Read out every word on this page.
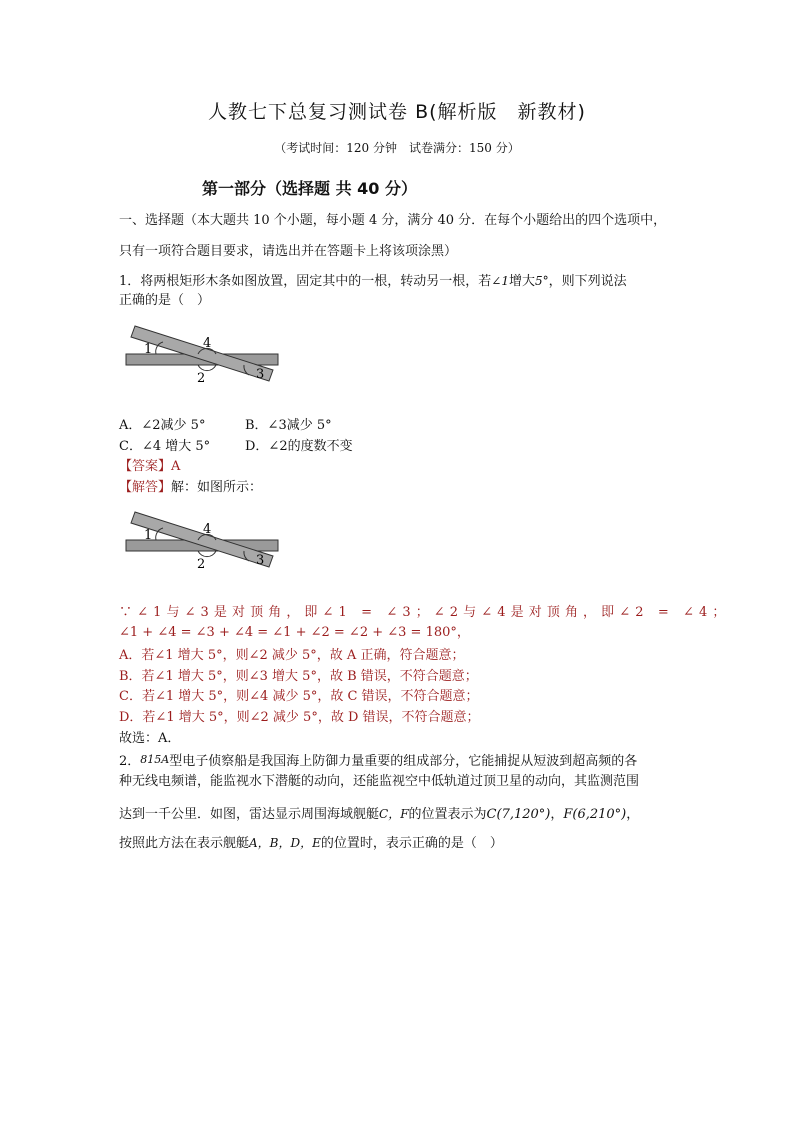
人教七下总复习测试卷 B(解析版　新教材)
（考试时间：120 分钟　试卷满分：150 分）
第一部分（选择题 共 40 分）
一、选择题（本大题共 10 个小题，每小题 4 分，满分 40 分．在每个小题给出的四个选项中，
只有一项符合题目要求，请选出并在答题卡上将该项涂黑）
1．将两根矩形木条如图放置，固定其中的一根，转动另一根，若∠1增大5°，则下列说法
正确的是（　）
1	4
2	3
A．∠2减少 5°	B．∠3减少 5°
C．∠4 增大 5°	D．∠2的度数不变
【答案】A
【解答】解：如图所示：
1	4
2	3
∵∠1与∠3是对顶角，即∠1 = ∠3；∠2与∠4是对顶角，即∠2 = ∠4；
∠1 + ∠4 = ∠3 + ∠4 = ∠1 + ∠2 = ∠2 + ∠3 = 180°，
A．若∠1 增大 5°，则∠2 减少 5°，故 A 正确，符合题意；
B．若∠1 增大 5°，则∠3 增大 5°，故 B 错误，不符合题意；
C．若∠1 增大 5°，则∠4 减少 5°，故 C 错误，不符合题意；
D．若∠1 增大 5°，则∠2 减少 5°，故 D 错误，不符合题意；
故选：A．
2．815A型电子侦察船是我国海上防御力量重要的组成部分，它能捕捉从短波到超高频的各
种无线电频谱，能监视水下潜艇的动向，还能监视空中低轨道过顶卫星的动向，其监测范围
达到一千公里．如图，雷达显示周围海域舰艇C，F的位置表示为C(7,120°)，F(6,210°)，
按照此方法在表示舰艇A，B，D，E的位置时，表示正确的是（　）
